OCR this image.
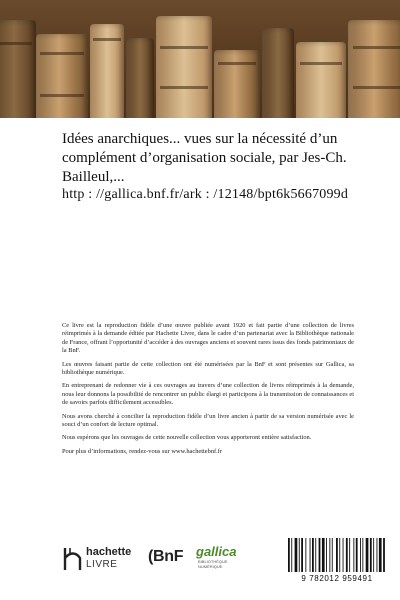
Idées anarchiques... vues sur la nécessité d’un complément d’organisation sociale, par Jes-Ch. Bailleul,...
http : //gallica.bnf.fr/ark : /12148/bpt6k5667099d

Ce livre est la reproduction fidèle d’une œuvre publiée avant 1920 et fait partie d’une collection de livres réimprimés à la demande éditée par Hachette Livre, dans le cadre d’un partenariat avec la Bibliothèque nationale de France, offrant l’opportunité d’accéder à des ouvrages anciens et souvent rares issus des fonds patrimoniaux de la BnF.

Les œuvres faisant partie de cette collection ont été numérisées par la BnF et sont présentes sur Gallica, sa bibliothèque numérique.

En entreprenant de redonner vie à ces ouvrages au travers d’une collection de livres réimprimés à la demande, nous leur donnons la possibilité de rencontrer un public élargi et participons à la transmission de connaissances et de savoirs parfois difficilement accessibles.

Nous avons cherché à concilier la reproduction fidèle d’un livre ancien à partir de sa version numérisée avec le souci d’un confort de lecture optimal.

Nous espérons que les ouvrages de cette nouvelle collection vous apporteront entière satisfaction.

Pour plus d’informations, rendez-vous sur www.hachettebnf.fr

hachette
LIVRE (BnF gallica
BIBLIOTHÈQUE NUMÉRIQUE
9 782012 959491
